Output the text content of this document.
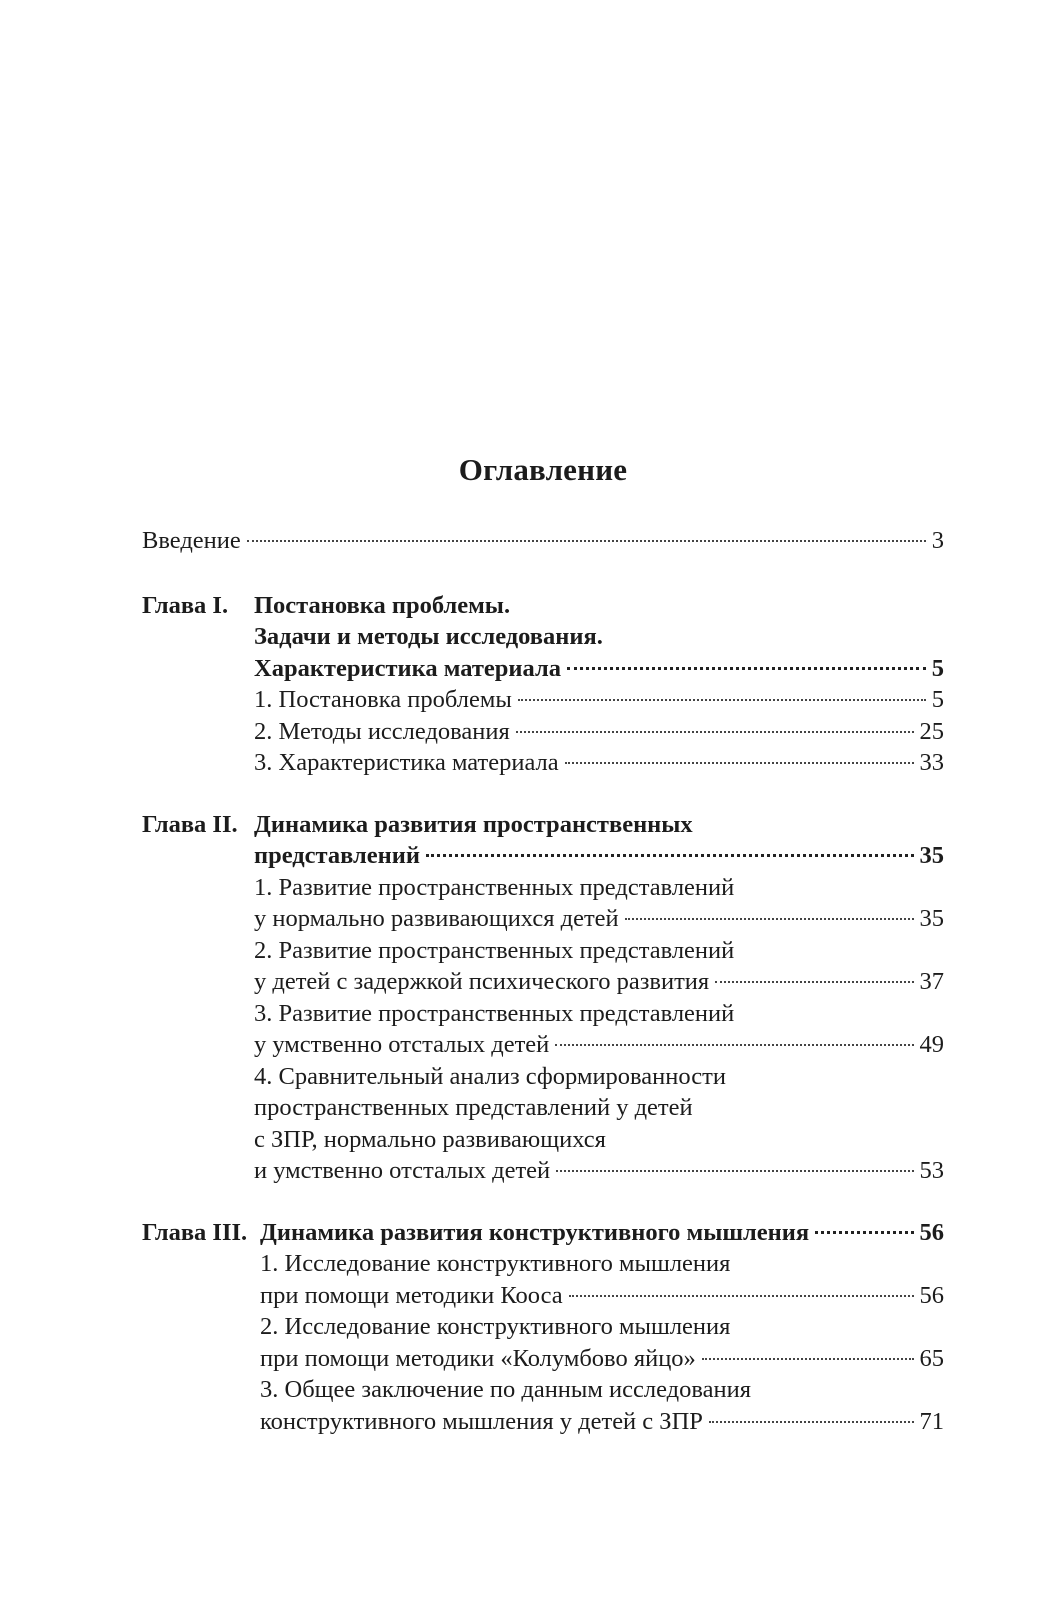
Оглавление
Введение	3
Глава I.	Постановка проблемы.
Задачи и методы исследования.
Характеристика материала	5
1. Постановка проблемы	5
2. Методы исследования	25
3. Характеристика материала	33
Глава II. Динамика развития пространственных
представлений	35
1. Развитие пространственных представлений
у нормально развивающихся детей	35
2. Развитие пространственных представлений
у детей с задержкой психического развития	37
3. Развитие пространственных представлений
у умственно отсталых детей	49
4. Сравнительный анализ сформированности
пространственных представлений у детей
с ЗПР, нормально развивающихся
и умственно отсталых детей	53
Глава III. Динамика развития конструктивного мышления	56
1. Исследование конструктивного мышления
при помощи методики Кооса	56
2. Исследование конструктивного мышления
при помощи методики «Колумбово яйцо»	65
3. Общее заключение по данным исследования
конструктивного мышления у детей с ЗПР	71
